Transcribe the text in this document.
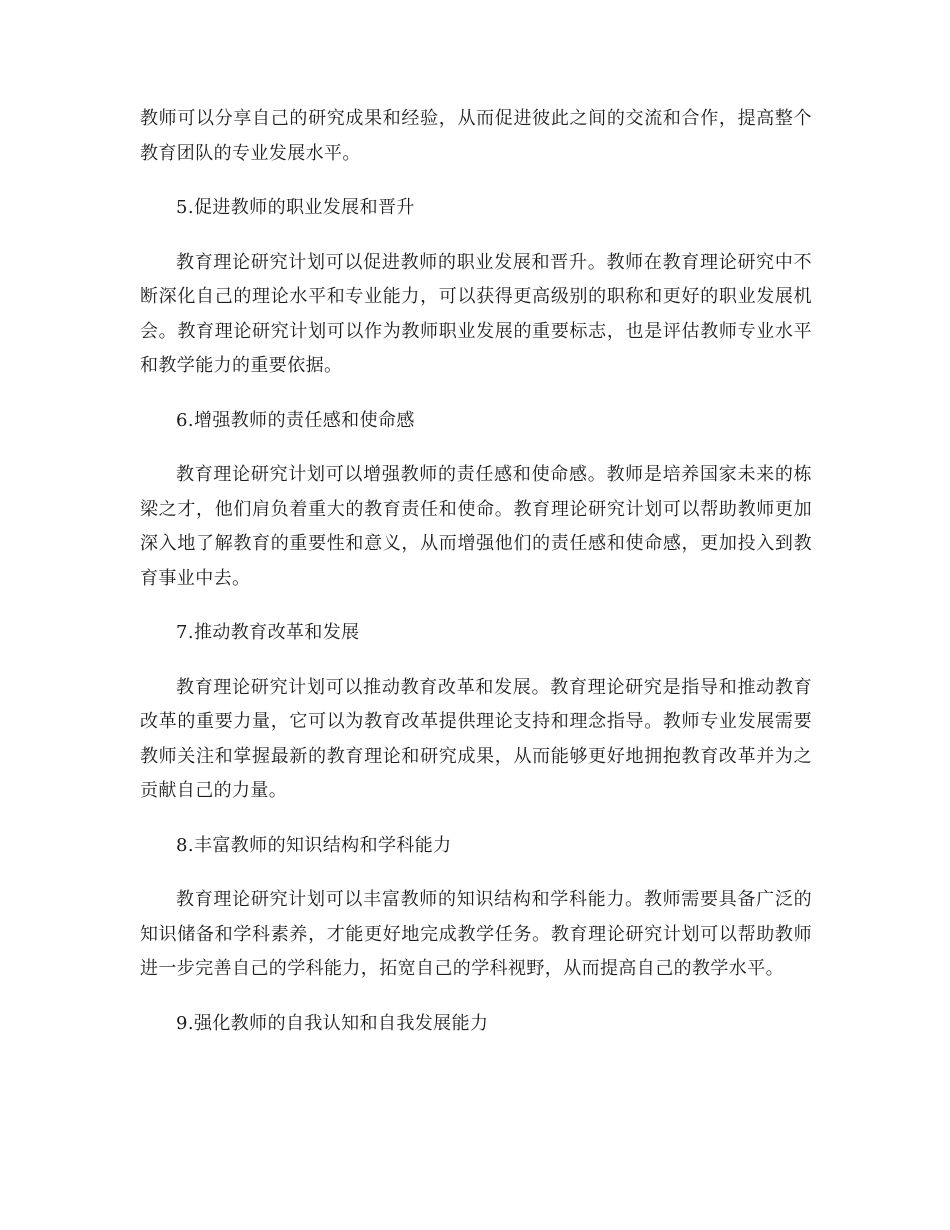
教师可以分享自己的研究成果和经验，从而促进彼此之间的交流和合作，提高整个教育团队的专业发展水平。

5.促进教师的职业发展和晋升

教育理论研究计划可以促进教师的职业发展和晋升。教师在教育理论研究中不断深化自己的理论水平和专业能力，可以获得更高级别的职称和更好的职业发展机会。教育理论研究计划可以作为教师职业发展的重要标志，也是评估教师专业水平和教学能力的重要依据。

6.增强教师的责任感和使命感

教育理论研究计划可以增强教师的责任感和使命感。教师是培养国家未来的栋梁之才，他们肩负着重大的教育责任和使命。教育理论研究计划可以帮助教师更加深入地了解教育的重要性和意义，从而增强他们的责任感和使命感，更加投入到教育事业中去。

7.推动教育改革和发展

教育理论研究计划可以推动教育改革和发展。教育理论研究是指导和推动教育改革的重要力量，它可以为教育改革提供理论支持和理念指导。教师专业发展需要教师关注和掌握最新的教育理论和研究成果，从而能够更好地拥抱教育改革并为之贡献自己的力量。

8.丰富教师的知识结构和学科能力

教育理论研究计划可以丰富教师的知识结构和学科能力。教师需要具备广泛的知识储备和学科素养，才能更好地完成教学任务。教育理论研究计划可以帮助教师进一步完善自己的学科能力，拓宽自己的学科视野，从而提高自己的教学水平。

9.强化教师的自我认知和自我发展能力
